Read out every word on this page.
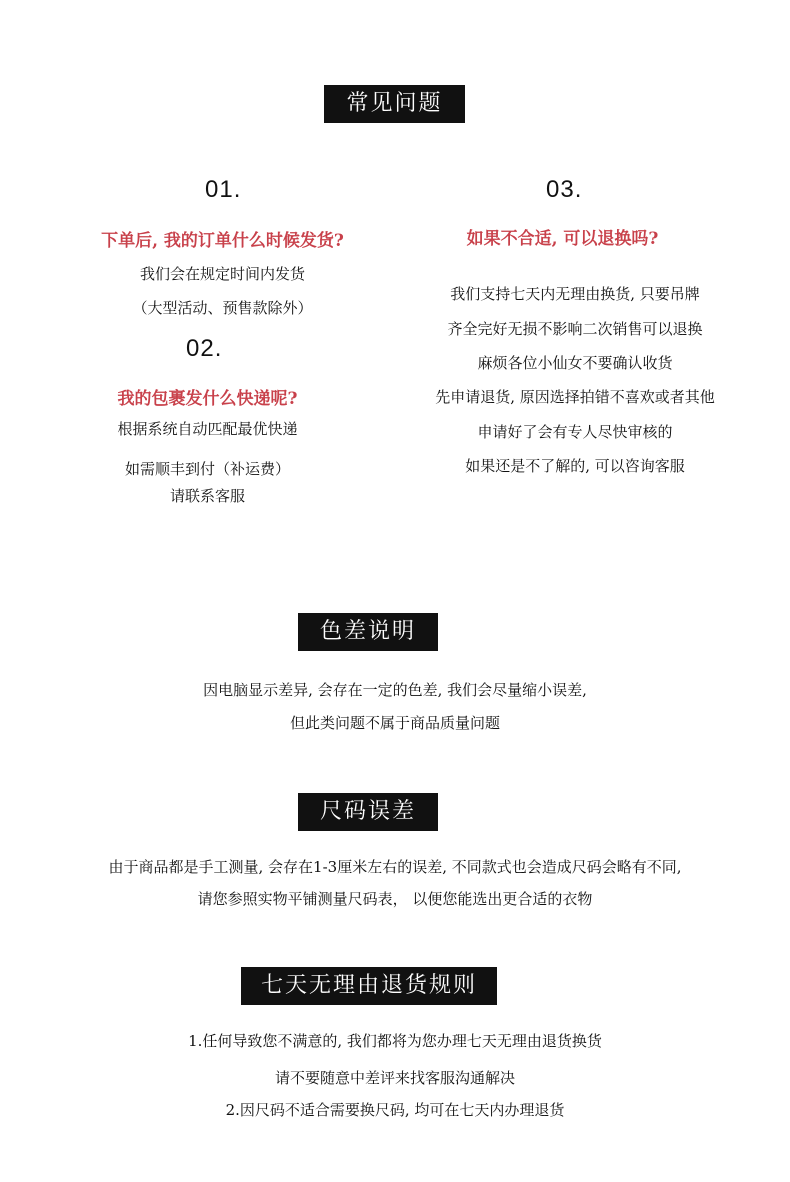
常见问题
01.
下单后, 我的订单什么时候发货?
我们会在规定时间内发货
（大型活动、预售款除外）
02.
我的包裹发什么快递呢?
根据系统自动匹配最优快递
如需顺丰到付（补运费）
请联系客服
03.
如果不合适, 可以退换吗?
我们支持七天内无理由换货, 只要吊牌
齐全完好无损不影响二次销售可以退换
麻烦各位小仙女不要确认收货
先申请退货, 原因选择拍错不喜欢或者其他
申请好了会有专人尽快审核的
如果还是不了解的, 可以咨询客服
色差说明
因电脑显示差异, 会存在一定的色差, 我们会尽量缩小误差,
但此类问题不属于商品质量问题
尺码误差
由于商品都是手工测量, 会存在1-3厘米左右的误差, 不同款式也会造成尺码会略有不同,
请您参照实物平铺测量尺码表， 以便您能选出更合适的衣物
七天无理由退货规则
1.任何导致您不满意的, 我们都将为您办理七天无理由退货换货
请不要随意中差评来找客服沟通解决
2.因尺码不适合需要换尺码, 均可在七天内办理退货
